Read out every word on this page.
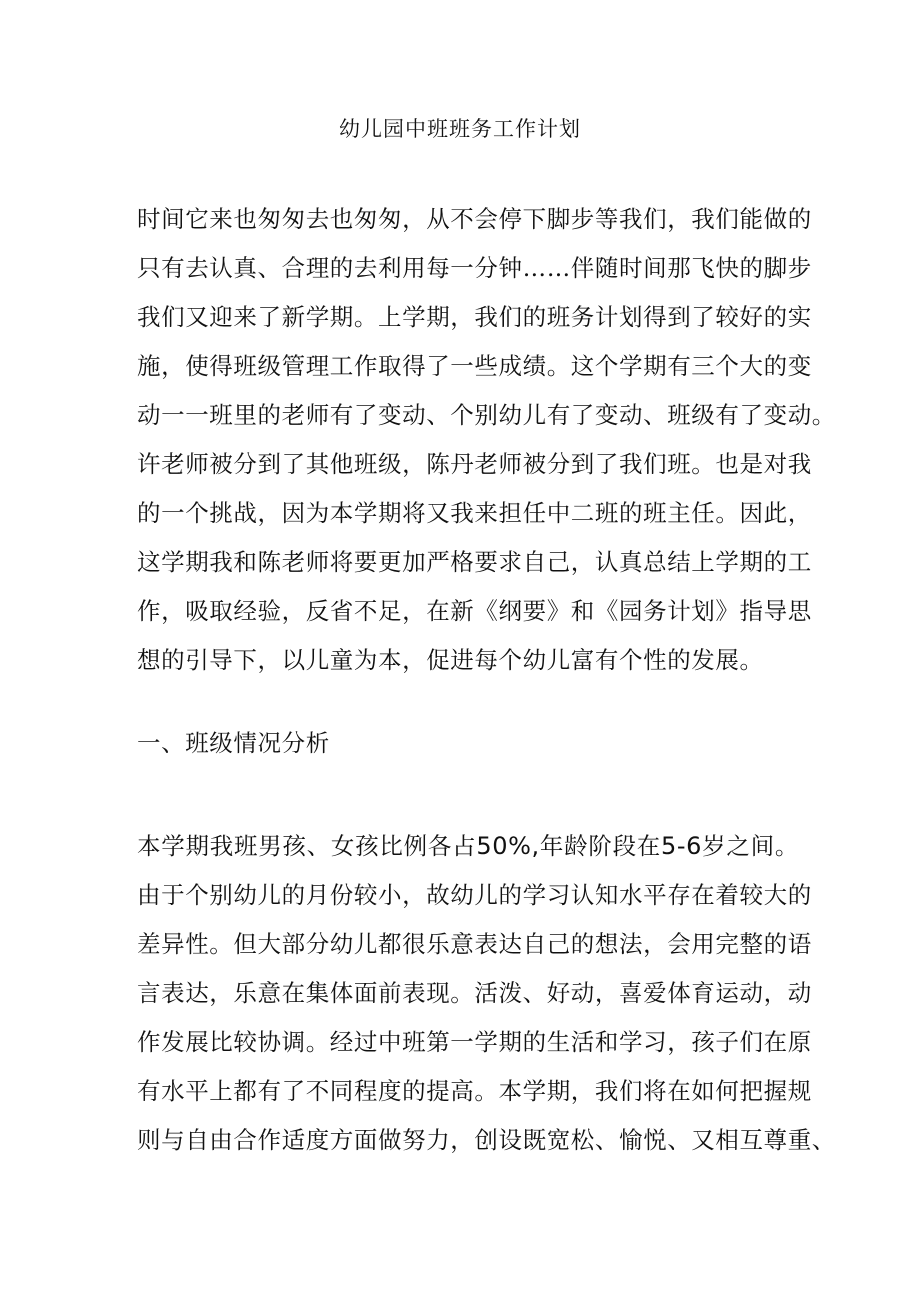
幼儿园中班班务工作计划
时间它来也匆匆去也匆匆，从不会停下脚步等我们，我们能做的
只有去认真、合理的去利用每一分钟……伴随时间那飞快的脚步
我们又迎来了新学期。上学期，我们的班务计划得到了较好的实
施，使得班级管理工作取得了一些成绩。这个学期有三个大的变
动一一班里的老师有了变动、个别幼儿有了变动、班级有了变动。
许老师被分到了其他班级，陈丹老师被分到了我们班。也是对我
的一个挑战，因为本学期将又我来担任中二班的班主任。因此，
这学期我和陈老师将要更加严格要求自己，认真总结上学期的工
作，吸取经验，反省不足，在新《纲要》和《园务计划》指导思
想的引导下，以儿童为本，促进每个幼儿富有个性的发展。
一、班级情况分析
本学期我班男孩、女孩比例各占50%,年龄阶段在5-6岁之间。
由于个别幼儿的月份较小，故幼儿的学习认知水平存在着较大的
差异性。但大部分幼儿都很乐意表达自己的想法，会用完整的语
言表达，乐意在集体面前表现。活泼、好动，喜爱体育运动，动
作发展比较协调。经过中班第一学期的生活和学习，孩子们在原
有水平上都有了不同程度的提高。本学期，我们将在如何把握规
则与自由合作适度方面做努力，创设既宽松、愉悦、又相互尊重、
